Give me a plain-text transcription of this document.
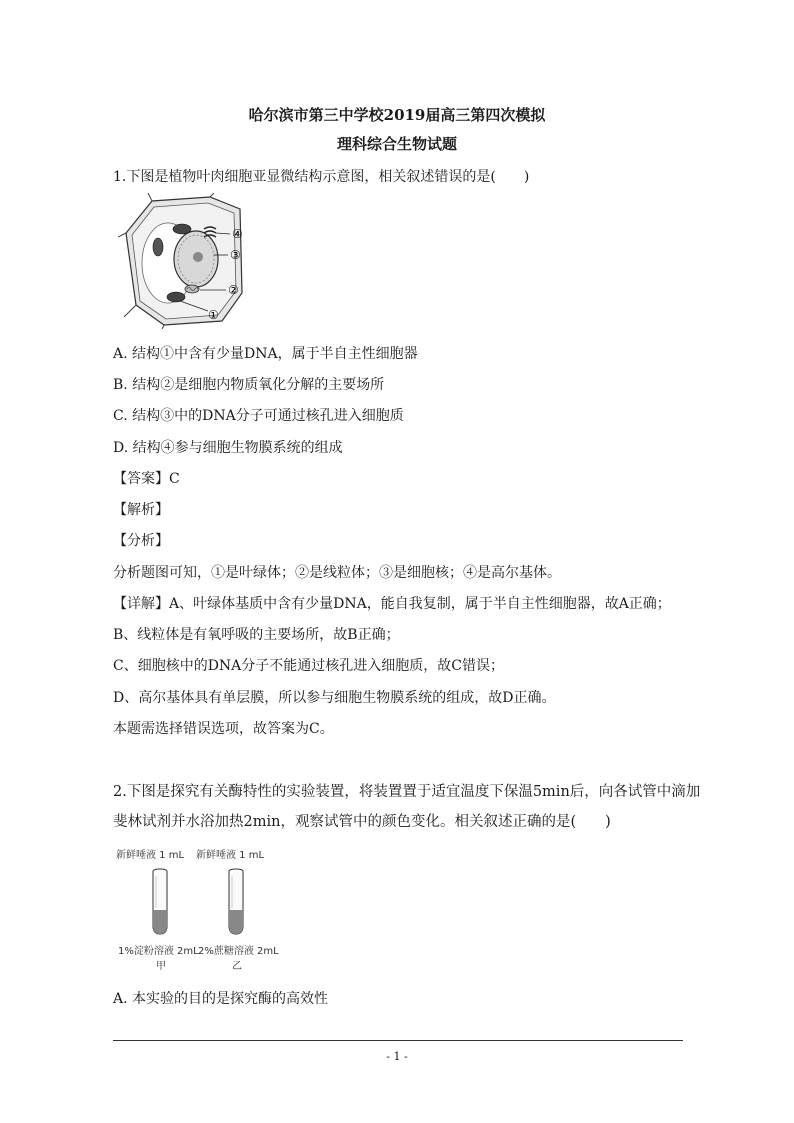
哈尔滨市第三中学校2019届高三第四次模拟
理科综合生物试题
1.下图是植物叶肉细胞亚显微结构示意图，相关叙述错误的是(　　)
④
③
②
①
A. 结构①中含有少量DNA，属于半自主性细胞器
B. 结构②是细胞内物质氧化分解的主要场所
C. 结构③中的DNA分子可通过核孔进入细胞质
D. 结构④参与细胞生物膜系统的组成
【答案】C
【解析】
【分析】
分析题图可知，①是叶绿体；②是线粒体；③是细胞核；④是高尔基体。
【详解】A、叶绿体基质中含有少量DNA，能自我复制，属于半自主性细胞器，故A正确；
B、线粒体是有氧呼吸的主要场所，故B正确；
C、细胞核中的DNA分子不能通过核孔进入细胞质，故C错误；
D、高尔基体具有单层膜，所以参与细胞生物膜系统的组成，故D正确。
本题需选择错误选项，故答案为C。
2.下图是探究有关酶特性的实验装置，将装置置于适宜温度下保温5min后，向各试管中滴加
斐林试剂并水浴加热2min，观察试管中的颜色变化。相关叙述正确的是(　　)
新鲜唾液 1 mL 新鲜唾液 1 mL
1%淀粉溶液 2mL 2%蔗糖溶液 2mL
甲	乙
A. 本实验的目的是探究酶的高效性
- 1 -
